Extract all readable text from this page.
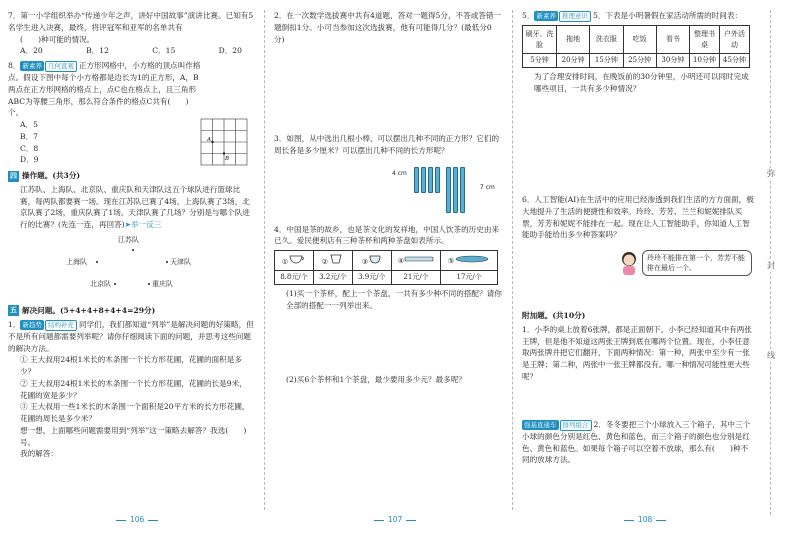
7．第一小学组织举办“传递少年之声，讲好中国故事”演讲比赛。已知有5名学生进入决赛，最终，将评冠军和亚军的名单共有
(　　)种可能的情况。
A．20	B．12	C．15	D．20
8． 新素养 几何直观 正方形网格中，小方格的顶点叫作格点。假设下图中每个小方格都是边长为1的正方形，A，B两点在正方形网格的格点上，点C也在格点上，且三角形ABC为等腰三角形，那么符合条件的格点C共有(　　)个。
A．5
B．7
C．8
D．9
四 操作题。(共3分)
江苏队、上海队、北京队、重庆队和天津队这五个球队进行篮球比赛，每两队都要赛一场。现在江苏队已赛了4场，上海队赛了3场，北京队赛了2场，重庆队赛了1场。天津队赛了几场？分别是与哪个队进行的比赛？(先连一连，再回答)➤举一反三
江苏队
上海队	天津队
北京队	重庆队
五 解决问题。(5+4+4+8+4+4=29分)
1． 新趋势 结构补充 同学们，我们都知道“列举”是解决问题的好策略，但不是所有问题都需要列举呢？请你仔细阅读下面的问题，并思考这些问题的解决方法。
① 王大叔用24根1米长的木条围一个长方形花圃，花圃的面积是多少？
② 王大叔用24根1米长的木条围一个长方形花圃，花圃的长是9米，花圃的宽是多少？
③ 王大叔用一些1米长的木条围一个面积是20平方米的长方形花圃，花圃的周长是多少米？
想一想，上面哪些问题需要用到“列举”这一策略去解答？我选(　　)号。
我的解答：
A
B
106
2．在一次数学选拔赛中共有4道题，答对一题得5分，不答或答错一题倒扣1分。小可当参加这次选拔赛，他有可能得几分？(最低分0分)
3．如图，从中选出几根小棒，可以摆出几种不同的正方形？它们的周长各是多少厘米？可以摆出几种不同的长方形呢？
4 cm
7 cm
4．中国是茶的故乡，也是茶文化的发祥地，中国人饮茶的历史由来已久。爱民便利店有三种茶杯和两种茶盘如表所示。
①	②	③	④	⑤
8.8元/个	3.2元/个	3.9元/个	21元/个	17元/个
(1)买一个茶杯，配上一个茶盘，一共有多少种不同的搭配？请你全部的搭配一一列举出来。
(2)买6个茶杯和1个茶盘，最少要用多少元？最多呢？
107
5． 新素养 推理意识 5．下表是小明暑假在家活动所需的时间表：
刷牙、洗脸	拖地	洗衣服	吃饭	看书	整理书桌	户外活动
5分钟	20分钟	15分钟	25分钟	30分钟	10分钟	45分钟
为了合理安排时间，在晚饭前的30分钟里，小明还可以同时完成哪些项目，一共有多少种情况？
6．人工智能(AI)在生活中的应用已经渗透到我们生活的方方面面，极大地提升了生活的便捷性和效率。玲玲、芳芳、兰兰和妮妮排队买票，芳芳和妮妮不能排在一起。现在让人工智能助手，你知道人工智能助手能给出多少种答案吗？
玲玲不能排在第一个，芳芳不能排在最后一个。
附加题。(共10分)
1．小李的桌上放着6张牌，都是正面朝下。小李已经知道其中有两张王牌，但是他不知道这两张王牌到底在哪两个位置。现在，小李任意取两张牌并把它们翻开，下面两种情况：第一种，两张中至少有一张是王牌；第二种，两张中一张王牌都没有。哪一种情况可能性更大些呢？
强基直通车 排列组合 2．冬冬要把三个小球放入三个箱子，其中三个小球的颜色分别是红色、黄色和蓝色，而三个箱子的颜色也分别是红色、黄色和蓝色。如果每个箱子可以空着不放球，那么有(　　)种不同的放球方法。
108
弥
封
线
